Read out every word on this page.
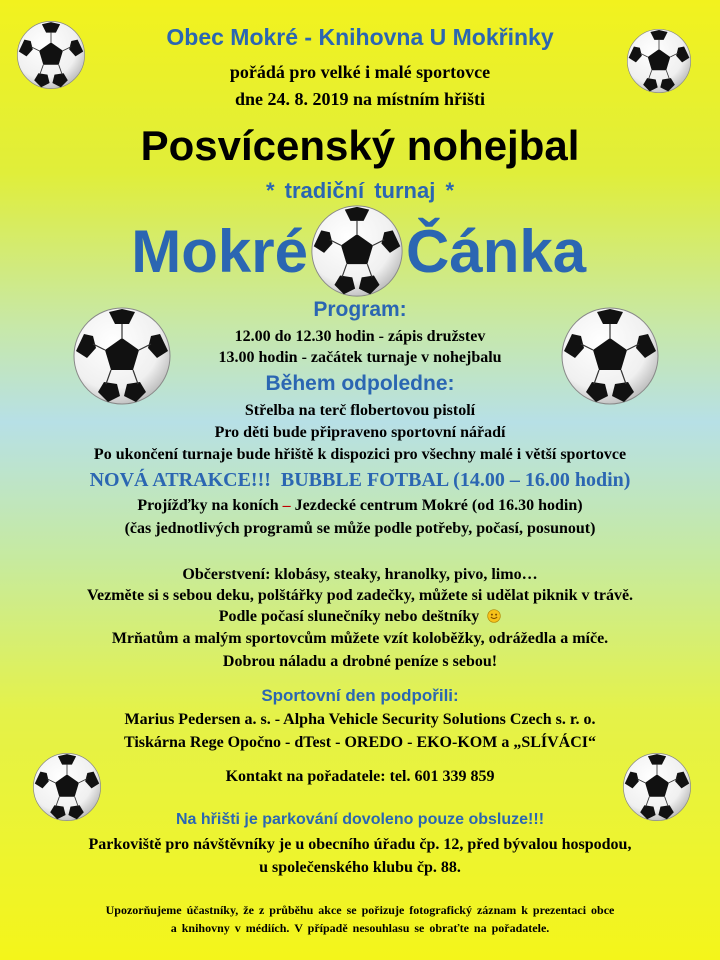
Obec Mokré - Knihovna U Mokřinky
pořádá pro velké i malé sportovce
dne 24. 8. 2019 na místním hřišti
Posvícenský nohejbal
* tradiční turnaj *
Mokré Čánka
Program:
12.00 do 12.30 hodin - zápis družstev
13.00 hodin - začátek turnaje v nohejbalu
Během odpoledne:
Střelba na terč flobertovou pistolí
Pro děti bude připraveno sportovní nářadí
Po ukončení turnaje bude hřiště k dispozici pro všechny malé i větší sportovce
NOVÁ ATRAKCE!!!  BUBBLE FOTBAL (14.00 – 16.00 hodin)
Projížďky na koních – Jezdecké centrum Mokré (od 16.30 hodin)
(čas jednotlivých programů se může podle potřeby, počasí, posunout)
Občerstvení: klobásy, steaky, hranolky, pivo, limo…
Vezměte si s sebou deku, polštářky pod zadečky, můžete si udělat piknik v trávě.
Podle počasí slunečníky nebo deštníky
Mrňatům a malým sportovcům můžete vzít koloběžky, odrážedla a míče.
Dobrou náladu a drobné peníze s sebou!
Sportovní den podpořili:
Marius Pedersen a. s. - Alpha Vehicle Security Solutions Czech s. r. o.
Tiskárna Rege Opočno - dTest - OREDO - EKO-KOM a „SLÍVÁCI“
Kontakt na pořadatele: tel. 601 339 859
Na hřišti je parkování dovoleno pouze obsluze!!!
Parkoviště pro návštěvníky je u obecního úřadu čp. 12, před bývalou hospodou,
u společenského klubu čp. 88.
Upozorňujeme účastníky, že z průběhu akce se pořizuje fotografický záznam k prezentaci obce
a knihovny v médiích. V případě nesouhlasu se obraťte na pořadatele.
